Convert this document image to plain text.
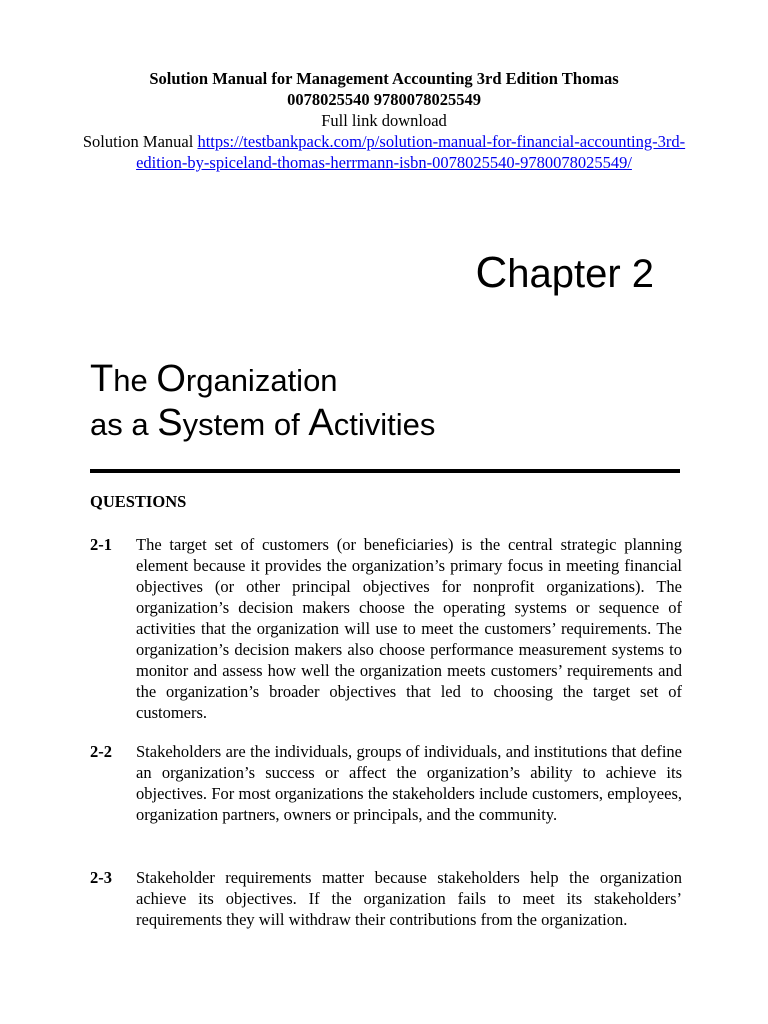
Solution Manual for Management Accounting 3rd Edition Thomas
0078025540 9780078025549
Full link download
Solution Manual https://testbankpack.com/p/solution-manual-for-financial-accounting-3rd-edition-by-spiceland-thomas-herrmann-isbn-0078025540-9780078025549/
Chapter 2
The Organization
as a System of Activities
QUESTIONS
2-1	The target set of customers (or beneficiaries) is the central strategic planning element because it provides the organization’s primary focus in meeting financial objectives (or other principal objectives for nonprofit organizations). The organization’s decision makers choose the operating systems or sequence of activities that the organization will use to meet the customers’ requirements. The organization’s decision makers also choose performance measurement systems to monitor and assess how well the organization meets customers’ requirements and the organization’s broader objectives that led to choosing the target set of customers.
2-2	Stakeholders are the individuals, groups of individuals, and institutions that define an organization’s success or affect the organization’s ability to achieve its objectives. For most organizations the stakeholders include customers, employees, organization partners, owners or principals, and the community.
2-3	Stakeholder requirements matter because stakeholders help the organization achieve its objectives. If the organization fails to meet its stakeholders’ requirements they will withdraw their contributions from the organization.
